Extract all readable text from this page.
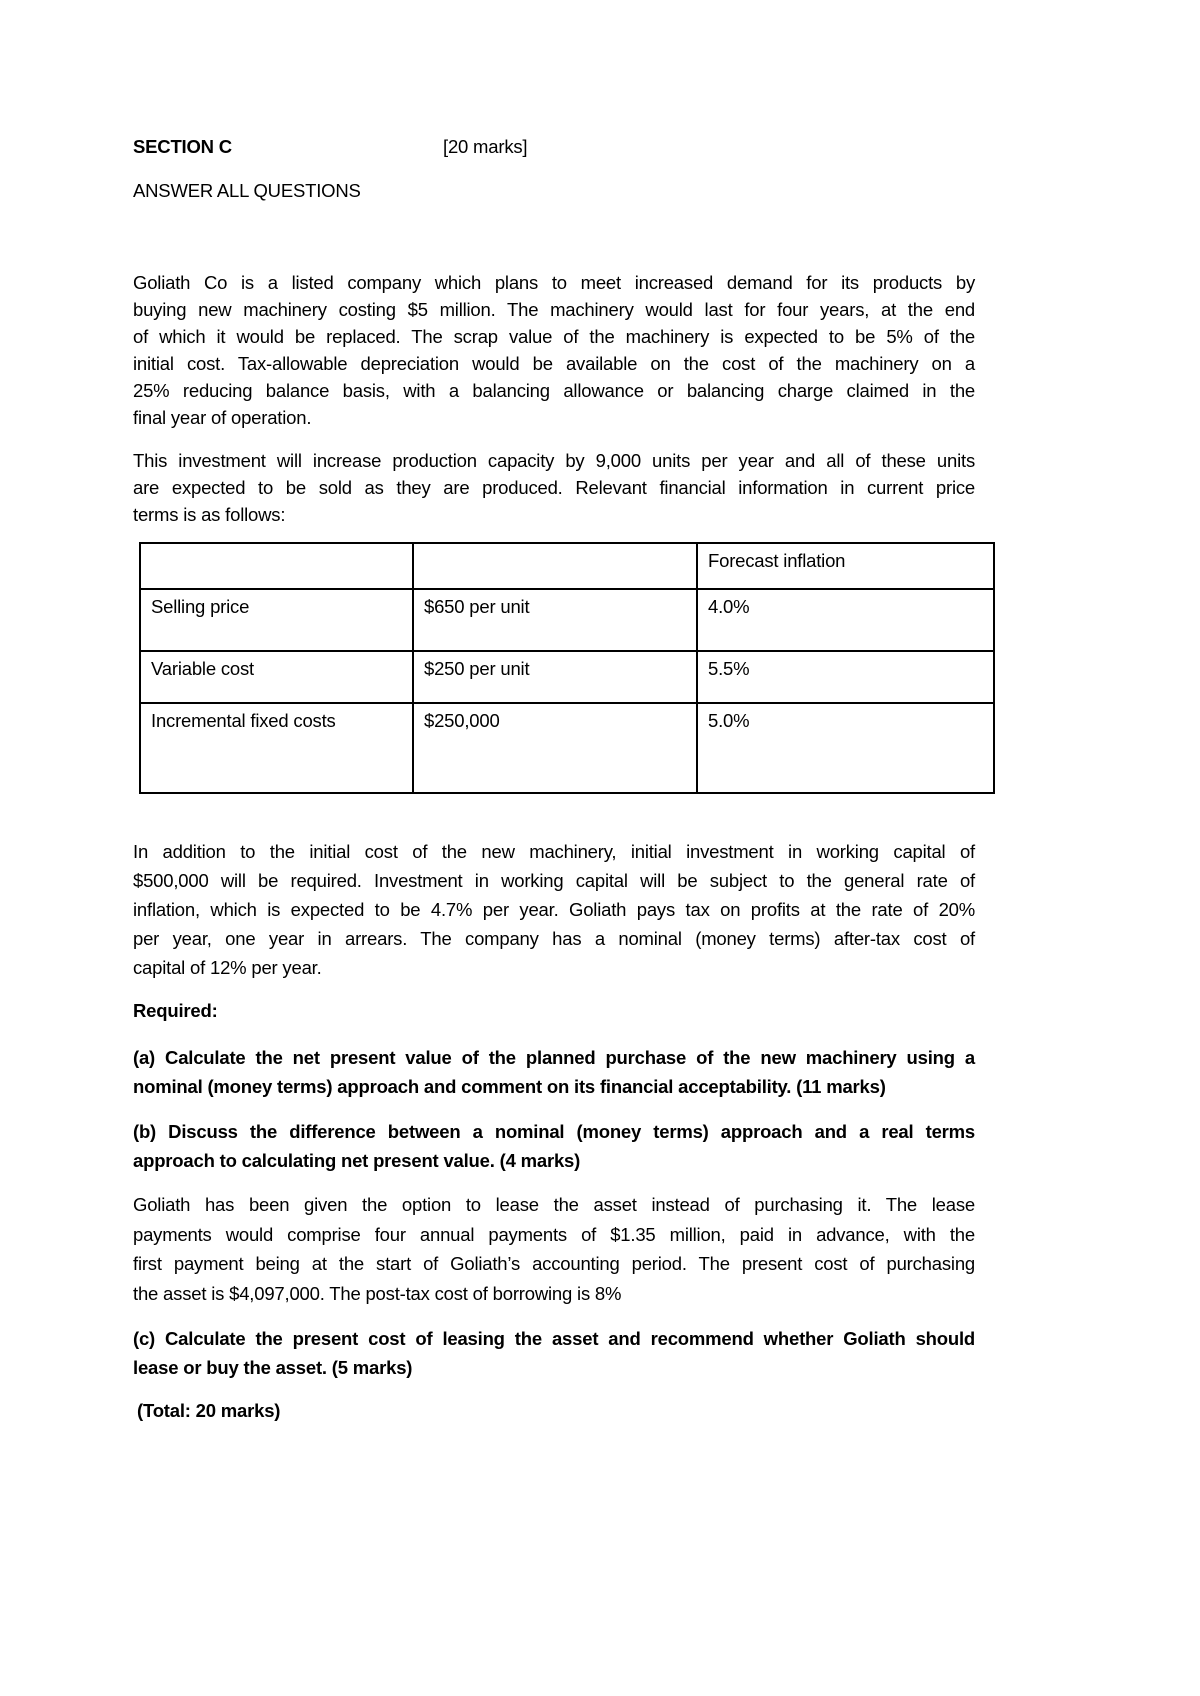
SECTION C	[20 marks]
ANSWER ALL QUESTIONS
Goliath Co is a listed company which plans to meet increased demand for its products by
buying new machinery costing $5 million. The machinery would last for four years, at the end
of which it would be replaced. The scrap value of the machinery is expected to be 5% of the
initial cost. Tax-allowable depreciation would be available on the cost of the machinery on a
25% reducing balance basis, with a balancing allowance or balancing charge claimed in the
final year of operation.
This investment will increase production capacity by 9,000 units per year and all of these units
are expected to be sold as they are produced. Relevant financial information in current price
terms is as follows:
		Forecast inflation
Selling price	$650 per unit	4.0%
Variable cost	$250 per unit	5.5%
Incremental fixed costs	$250,000	5.0%
In addition to the initial cost of the new machinery, initial investment in working capital of
$500,000 will be required. Investment in working capital will be subject to the general rate of
inflation, which is expected to be 4.7% per year. Goliath pays tax on profits at the rate of 20%
per year, one year in arrears. The company has a nominal (money terms) after-tax cost of
capital of 12% per year.
Required:
(a) Calculate the net present value of the planned purchase of the new machinery using a
nominal (money terms) approach and comment on its financial acceptability. (11 marks)
(b) Discuss the difference between a nominal (money terms) approach and a real terms
approach to calculating net present value. (4 marks)
Goliath has been given the option to lease the asset instead of purchasing it. The lease
payments would comprise four annual payments of $1.35 million, paid in advance, with the
first payment being at the start of Goliath’s accounting period. The present cost of purchasing
the asset is $4,097,000. The post-tax cost of borrowing is 8%
(c) Calculate the present cost of leasing the asset and recommend whether Goliath should
lease or buy the asset. (5 marks)
(Total: 20 marks)
